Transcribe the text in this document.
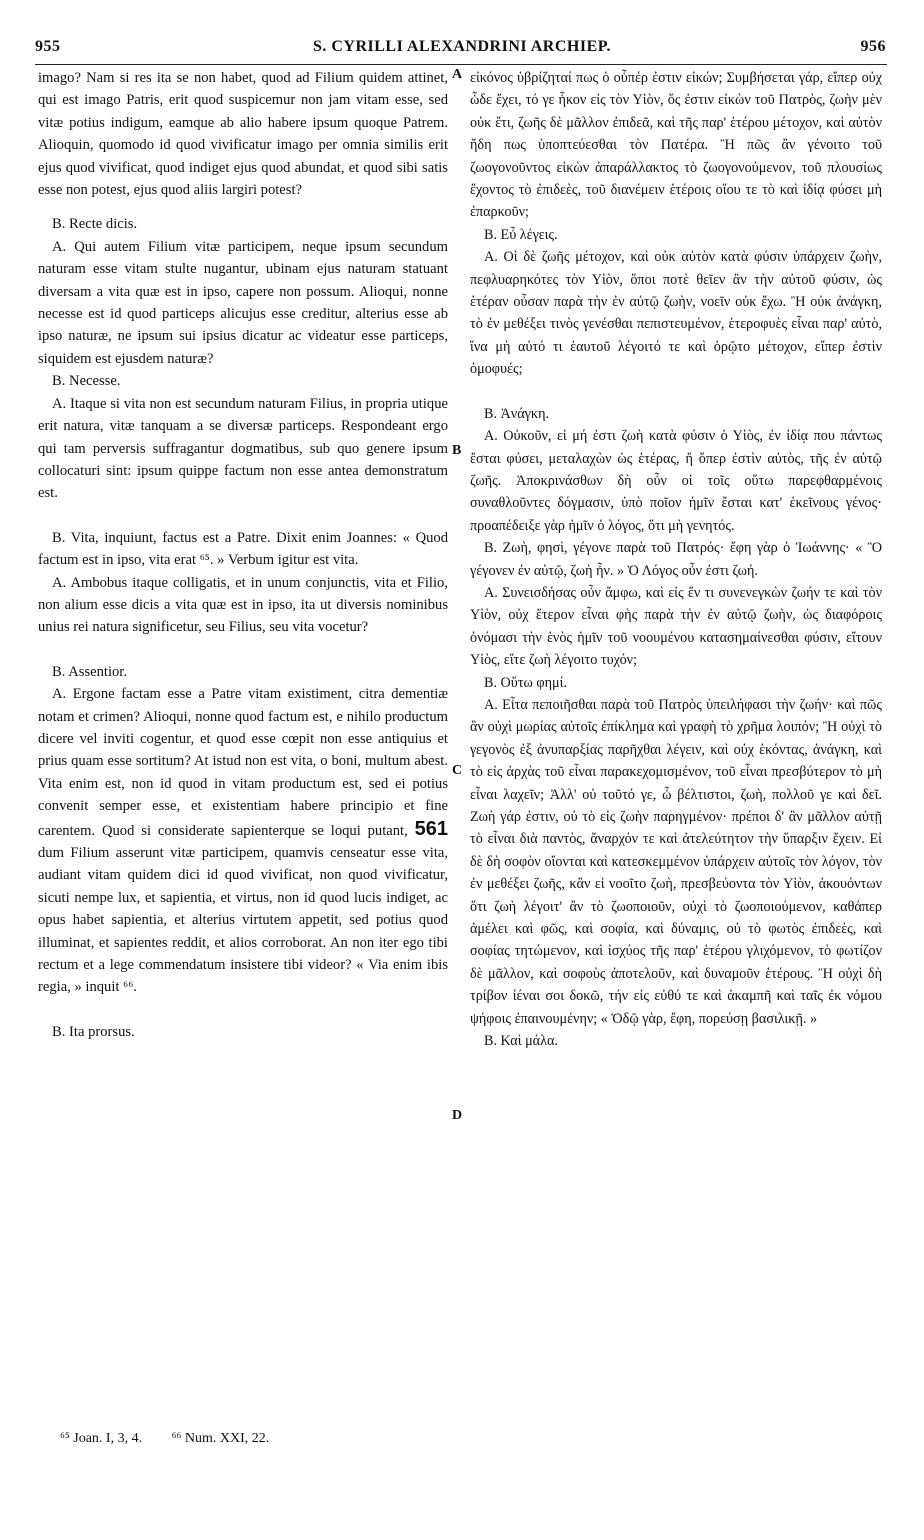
955	S. CYRILLI ALEXANDRINI ARCHIEP.	956
A
B
C
D

imago? Nam si res ita se non habet, quod ad Filium quidem attinet, qui est imago Patris, erit quod suspicemur non jam vitam esse, sed vitæ potius indigum, eamque ab alio habere ipsum quoque Patrem. Alioquin, quomodo id quod vivificatur imago per omnia similis erit ejus quod vivificat, quod indiget ejus quod abundat, et quod sibi satis esse non potest, ejus quod aliis largiri potest?

B. Recte dicis.

A. Qui autem Filium vitæ participem, neque ipsum secundum naturam esse vitam stulte nugantur, ubinam ejus naturam statuant diversam a vita quæ est in ipso, capere non possum. Alioqui, nonne necesse est id quod particeps alicujus esse creditur, alterius esse ab ipso naturæ, ne ipsum sui ipsius dicatur ac videatur esse particeps, siquidem est ejusdem naturæ?

B. Necesse.

A. Itaque si vita non est secundum naturam Filius, in propria utique erit natura, vitæ tanquam a se diversæ particeps. Respondeant ergo qui tam perversis suffragantur dogmatibus, sub quo genere ipsum collocaturi sint: ipsum quippe factum non esse antea demonstratum est.

B. Vita, inquiunt, factus est a Patre. Dixit enim Joannes: « Quod factum est in ipso, vita erat ⁶⁵. » Verbum igitur est vita.

A. Ambobus itaque colligatis, et in unum conjunctis, vita et Filio, non alium esse dicis a vita quæ est in ipso, ita ut diversis nominibus unius rei natura significetur, seu Filius, seu vita vocetur?

B. Assentior.

A. Ergone factam esse a Patre vitam existiment, citra dementiæ notam et crimen? Alioqui, nonne quod factum est, e nihilo productum dicere vel inviti cogentur, et quod esse cœpit non esse antiquius et prius quam esse sortitum? At istud non est vita, o boni, multum abest. Vita enim est, non id quod in vitam productum est, sed ei potius convenit semper esse, et existentiam habere principio et fine carentem. Quod si considerate sapienterque se loqui putant, 561 dum Filium asserunt vitæ participem, quamvis censeatur esse vita, audiant vitam quidem dici id quod vivificat, non quod vivificatur, sicuti nempe lux, et sapientia, et virtus, non id quod lucis indiget, ac opus habet sapientia, et alterius virtutem appetit, sed potius quod illuminat, et sapientes reddit, et alios corroborat. An non iter ego tibi rectum et a lege commendatum insistere tibi videor? « Via enim ibis regia, » inquit ⁶⁶.

B. Ita prorsus.

εἰκόνος ὑβρίζηταί πως ὁ οὗπέρ ἐστιν εἰκών; Συμβήσεται γάρ, εἴπερ οὐχ ὧδε ἔχει, τό γε ἧκον εἰς τὸν Υἱὸν, ὅς ἐστιν εἰκὼν τοῦ Πατρὸς, ζωὴν μὲν οὐκ ἔτι, ζωῆς δὲ μᾶλλον ἐπιδεᾶ, καὶ τῆς παρ' ἑτέρου μέτοχον, καὶ αὐτὸν ἤδη πως ὑποπτεύεσθαι τὸν Πατέρα. Ἢ πῶς ἂν γένοιτο τοῦ ζωογονοῦντος εἰκὼν ἀπαράλλακτος τὸ ζωογονούμενον, τοῦ πλουσίως ἔχοντος τὸ ἐπιδεὲς, τοῦ διανέμειν ἑτέροις οἵου τε τὸ καὶ ἰδίᾳ φύσει μὴ ἐπαρκοῦν;

B. Εὖ λέγεις.

A. Οἱ δὲ ζωῆς μέτοχον, καὶ οὐκ αὐτὸν κατὰ φύσιν ὑπάρχειν ζωὴν, πεφλυαρηκότες τὸν Υἱὸν, ὅποι ποτὲ θεῖεν ἂν τὴν αὐτοῦ φύσιν, ὡς ἑτέραν οὖσαν παρὰ τὴν ἐν αὐτῷ ζωὴν, νοεῖν οὐκ ἔχω. Ἢ οὐκ ἀνάγκη, τὸ ἐν μεθέξει τινὸς γενέσθαι πεπιστευμένον, ἑτεροφυὲς εἶναι παρ' αὐτὸ, ἵνα μὴ αὐτό τι ἑαυτοῦ λέγοιτό τε καὶ ὁρῷτο μέτοχον, εἴπερ ἐστὶν ὁμοφυές;

B. Ἀνάγκη.

A. Οὐκοῦν, εἰ μή ἐστι ζωὴ κατὰ φύσιν ὁ Υἱὸς, ἐν ἰδίᾳ που πάντως ἔσται φύσει, μεταλαχὼν ὡς ἑτέρας, ἤ ὅπερ ἐστὶν αὐτὸς, τῆς ἐν αὐτῷ ζωῆς. Ἀποκρινάσθων δὴ οὖν οἱ τοῖς οὕτω παρεφθαρμένοις συναθλοῦντες δόγμασιν, ὑπὸ ποῖον ἡμῖν ἔσται κατ' ἐκεῖνους γένος· προαπέδειξε γὰρ ἡμῖν ὁ λόγος, ὅτι μὴ γενητός.

B. Ζωὴ, φησὶ, γέγονε παρὰ τοῦ Πατρός· ἔφη γὰρ ὁ Ἰωάννης· « Ὃ γέγονεν ἐν αὐτῷ, ζωὴ ἦν. » Ὁ Λόγος οὖν ἐστι ζωή.

A. Συνεισδήσας οὖν ἄμφω, καὶ εἰς ἕν τι συνενεγκὼν ζωήν τε καὶ τὸν Υἱὸν, οὐχ ἕτερον εἶναι φὴς παρὰ τὴν ἐν αὐτῷ ζωὴν, ὡς διαφόροις ὀνόμασι τὴν ἑνὸς ἡμῖν τοῦ νοουμένου κατασημαίνεσθαι φύσιν, εἴτουν Υἱὸς, εἴτε ζωὴ λέγοιτο τυχόν;

B. Οὕτω φημί.

A. Εἶτα πεποιῆσθαι παρὰ τοῦ Πατρὸς ὑπειλήφασι τὴν ζωήν· καὶ πῶς ἂν οὐχὶ μωρίας αὐτοῖς ἐπίκλημα καὶ γραφὴ τὸ χρῆμα λοιπόν; Ἢ οὐχὶ τὸ γεγονὸς ἐξ ἀνυπαρξίας παρῆχθαι λέγειν, καὶ οὐχ ἑκόντας, ἀνάγκη, καὶ τὸ εἰς ἀρχὰς τοῦ εἶναι παρακεχομισμένον, τοῦ εἶναι πρεσβύτερον τὸ μὴ εἶναι λαχεῖν; Ἀλλ' οὐ τοῦτό γε, ὦ βέλτιστοι, ζωὴ, πολλοῦ γε καὶ δεῖ. Ζωὴ γάρ ἐστιν, οὐ τὸ εἰς ζωὴν παρηγμένον· πρέποι δ' ἂν μᾶλλον αὐτῇ τὸ εἶναι διὰ παντὸς, ἄναρχόν τε καὶ ἀτελεύτητον τὴν ὕπαρξιν ἔχειν. Εἰ δὲ δὴ σοφὸν οἴονται καὶ κατεσκεμμένον ὑπάρχειν αὐτοῖς τὸν λόγον, τὸν ἐν μεθέξει ζωῆς, κἂν εἰ νοοῖτο ζωὴ, πρεσβεύοντα τὸν Υἱὸν, ἀκουόντων ὅτι ζωὴ λέγοιτ' ἂν τὸ ζωοποιοῦν, οὐχὶ τὸ ζωοποιούμενον, καθάπερ ἀμέλει καὶ φῶς, καὶ σοφία, καὶ δύναμις, οὐ τὸ φωτὸς ἐπιδεὲς, καὶ σοφίας τητώμενον, καὶ ἰσχύος τῆς παρ' ἑτέρου γλιχόμενον, τὸ φωτίζον δὲ μᾶλλον, καὶ σοφοὺς ἀποτελοῦν, καὶ δυναμοῦν ἑτέρους. Ἢ οὐχὶ δὴ τρίβον ἰέναι σοι δοκῶ, τήν εἰς εὐθύ τε καὶ ἀκαμπῆ καὶ ταῖς ἐκ νόμου ψήφοις ἐπαινουμένην; « Ὁδῷ γὰρ, ἔφη, πορεύσῃ βασιλικῇ. »

B. Καὶ μάλα.

⁶⁵ Joan. I, 3, 4. ⁶⁶ Num. XXI, 22.
